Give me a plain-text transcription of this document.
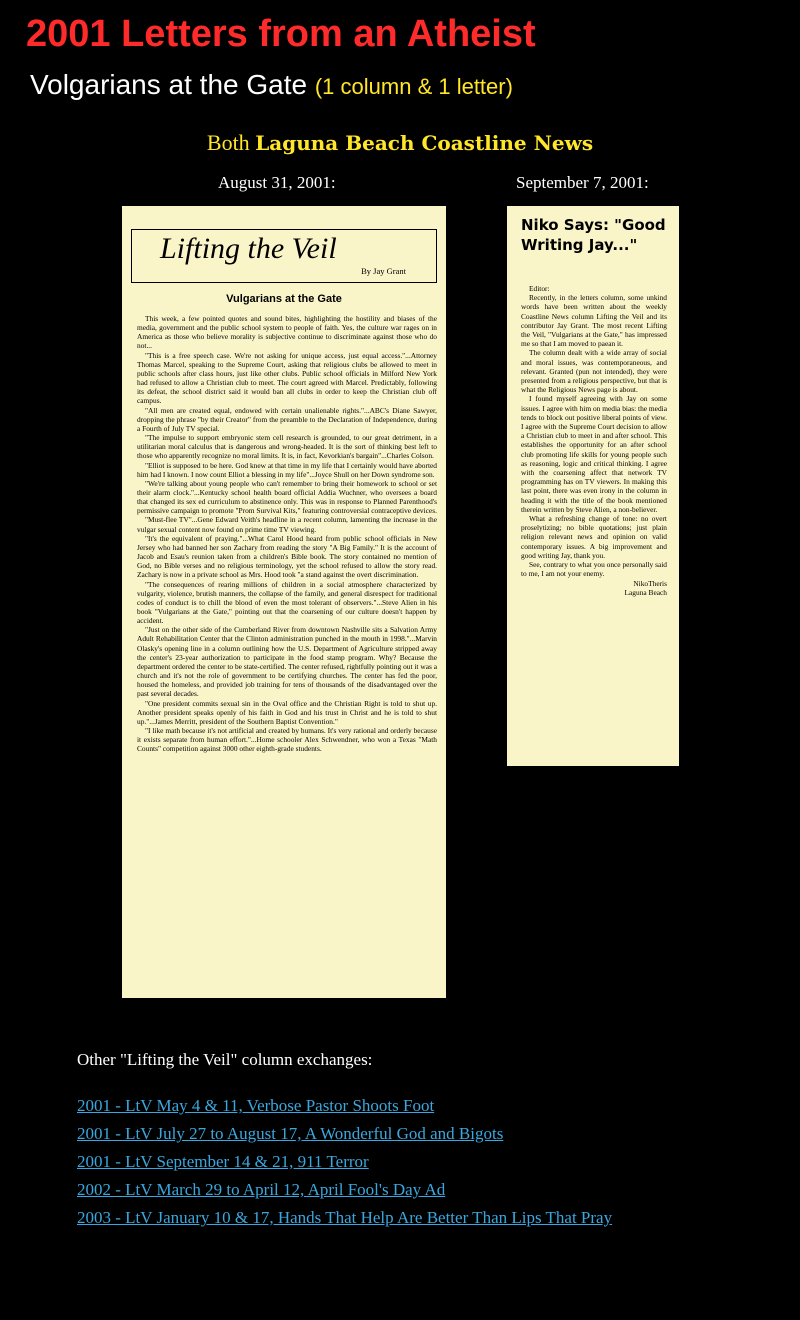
2001 Letters from an Atheist
Volgarians at the Gate (1 column & 1 letter)
Both Laguna Beach Coastline News
August 31, 2001:	September 7, 2001:
Lifting the Veil
By Jay Grant
Vulgarians at the Gate

This week, a few pointed quotes and sound bites, highlighting the hostility and biases of the media, government and the public school system to people of faith. Yes, the culture war rages on in America as those who believe morality is subjective continue to discriminate against those who do not...

"This is a free speech case. We're not asking for unique access, just equal access."...Attorney Thomas Marcel, speaking to the Supreme Court, asking that religious clubs be allowed to meet in public schools after class hours, just like other clubs. Public school officials in Milford New York had refused to allow a Christian club to meet. The court agreed with Marcel. Predictably, following its defeat, the school district said it would ban all clubs in order to keep the Christian club off campus.

"All men are created equal, endowed with certain unalienable rights."...ABC's Diane Sawyer, dropping the phrase "by their Creator" from the preamble to the Declaration of Independence, during a Fourth of July TV special.

"The impulse to support embryonic stem cell research is grounded, to our great detriment, in a utilitarian moral calculus that is dangerous and wrong-headed. It is the sort of thinking best left to those who apparently recognize no moral limits. It is, in fact, Kevorkian's bargain"...Charles Colson.

"Elliot is supposed to be here. God knew at that time in my life that I certainly would have aborted him had I known. I now count Elliot a blessing in my life"...Joyce Shull on her Down syndrome son.

"We're talking about young people who can't remember to bring their homework to school or set their alarm clock."...Kentucky school health board official Addia Wuchner, who oversees a board that changed its sex ed curriculum to abstinence only. This was in response to Planned Parenthood's permissive campaign to promote "Prom Survival Kits," featuring controversial contraceptive devices.

"Must-flee TV"...Gene Edward Veith's headline in a recent column, lamenting the increase in the vulgar sexual content now found on prime time TV viewing.

"It's the equivalent of praying."...What Carol Hood heard from public school officials in New Jersey who had banned her son Zachary from reading the story "A Big Family." It is the account of Jacob and Esau's reunion taken from a children's Bible book. The story contained no mention of God, no Bible verses and no religious terminology, yet the school refused to allow the story read. Zachary is now in a private school as Mrs. Hood took "a stand against the overt discrimination.

"The consequences of rearing millions of children in a social atmosphere characterized by vulgarity, violence, brutish manners, the collapse of the family, and general disrespect for traditional codes of conduct is to chill the blood of even the most tolerant of observers."...Steve Alien in his book "Vulgarians at the Gate," pointing out that the coarsening of our culture doesn't happen by accident.

"Just on the other side of the Cumberland River from downtown Nashville sits a Salvation Army Adult Rehabilitation Center that the Clinton administration punched in the mouth in 1998."...Marvin Olasky's opening line in a column outlining how the U.S. Department of Agriculture stripped away the center's 23-year authorization to participate in the food stamp program. Why? Because the department ordered the center to be state-certified. The center refused, rightfully pointing out it was a church and it's not the role of government to be certifying churches. The center has fed the poor, housed the homeless, and provided job training for tens of thousands of the disadvantaged over the past several decades.

"One president commits sexual sin in the Oval office and the Christian Right is told to shut up. Another president speaks openly of his faith in God and his trust in Christ and he is told to shut up."...James Merritt, president of the Southern Baptist Convention."

"I like math because it's not artificial and created by humans. It's very rational and orderly because it exists separate from human effort."...Home schooler Alex Schwendner, who won a Texas "Math Counts" competition against 3000 other eighth-grade students.

Niko Says: "Good Writing Jay..."

Editor:

Recently, in the letters column, some unkind words have been written about the weekly Coastline News column Lifting the Veil and its contributor Jay Grant. The most recent Lifting the Veil, "Vulgarians at the Gate," has impressed me so that I am moved to paean it.

The column dealt with a wide array of social and moral issues, was contemporaneous, and relevant. Granted (pun not intended), they were presented from a religious perspective, but that is what the Religious News page is about.

I found myself agreeing with Jay on some issues. I agree with him on media bias: the media tends to block out positive liberal points of view. I agree with the Supreme Court decision to allow a Christian club to meet in and after school. This establishes the opportunity for an after school club promoting life skills for young people such as reasoning, logic and critical thinking. I agree with the coarsening affect that network TV programming has on TV viewers. In making this last point, there was even irony in the column in heading it with the title of the book mentioned therein written by Steve Alien, a non-believer.

What a refreshing change of tone: no overt proselytizing; no bible quotations; just plain religion relevant news and opinion on valid contemporary issues. A big improvement and good writing Jay, thank you.

See, contrary to what you once personally said to me, I am not your enemy.

NikoTheris

Laguna Beach

Other "Lifting the Veil" column exchanges:
2001 - LtV May 4 & 11, Verbose Pastor Shoots Foot
2001 - LtV July 27 to August 17, A Wonderful God and Bigots
2001 - LtV September 14 & 21, 911 Terror
2002 - LtV March 29 to April 12, April Fool's Day Ad
2003 - LtV January 10 & 17, Hands That Help Are Better Than Lips That Pray
